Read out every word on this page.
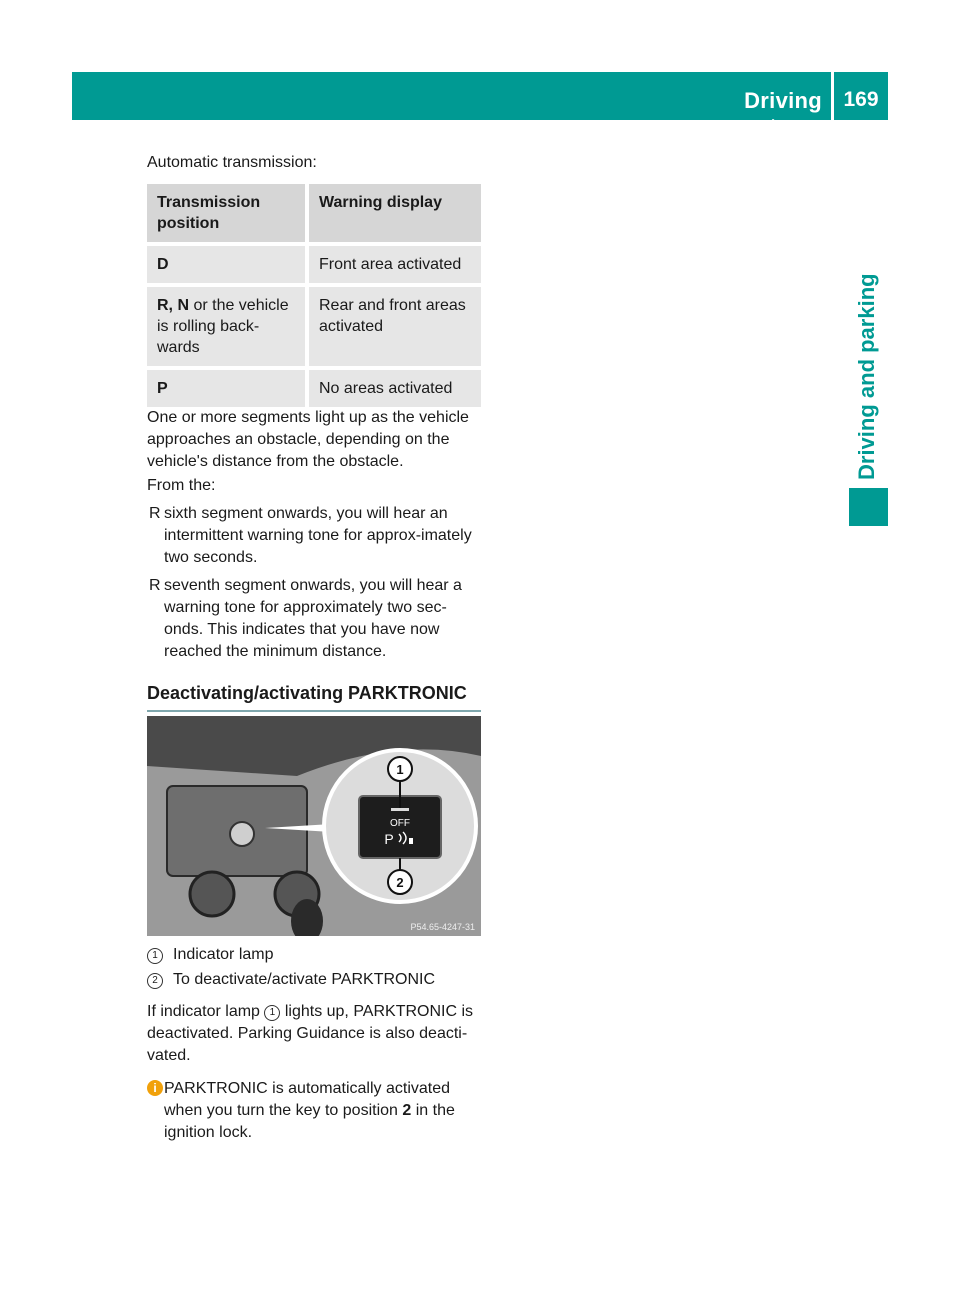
Driving systems
169
Driving and parking

Automatic transmission:

Transmission position	Warning display
D	Front area activated
R, N or the vehicle is rolling back-wards	Rear and front areas activated
P	No areas activated

One or more segments light up as the vehicle approaches an obstacle, depending on the vehicle's distance from the obstacle.

From the:

R sixth segment onwards, you will hear an intermittent warning tone for approx-imately two seconds.
R seventh segment onwards, you will hear a warning tone for approximately two sec-onds. This indicates that you have now reached the minimum distance.
Deactivating/activating PARKTRONIC
OFF
P
1
2
P54.65-4247-31
1 Indicator lamp
2 To deactivate/activate PARKTRONIC

If indicator lamp 1 lights up, PARKTRONIC is deactivated. Parking Guidance is also deacti-vated.

i PARKTRONIC is automatically activated when you turn the key to position 2 in the ignition lock.
